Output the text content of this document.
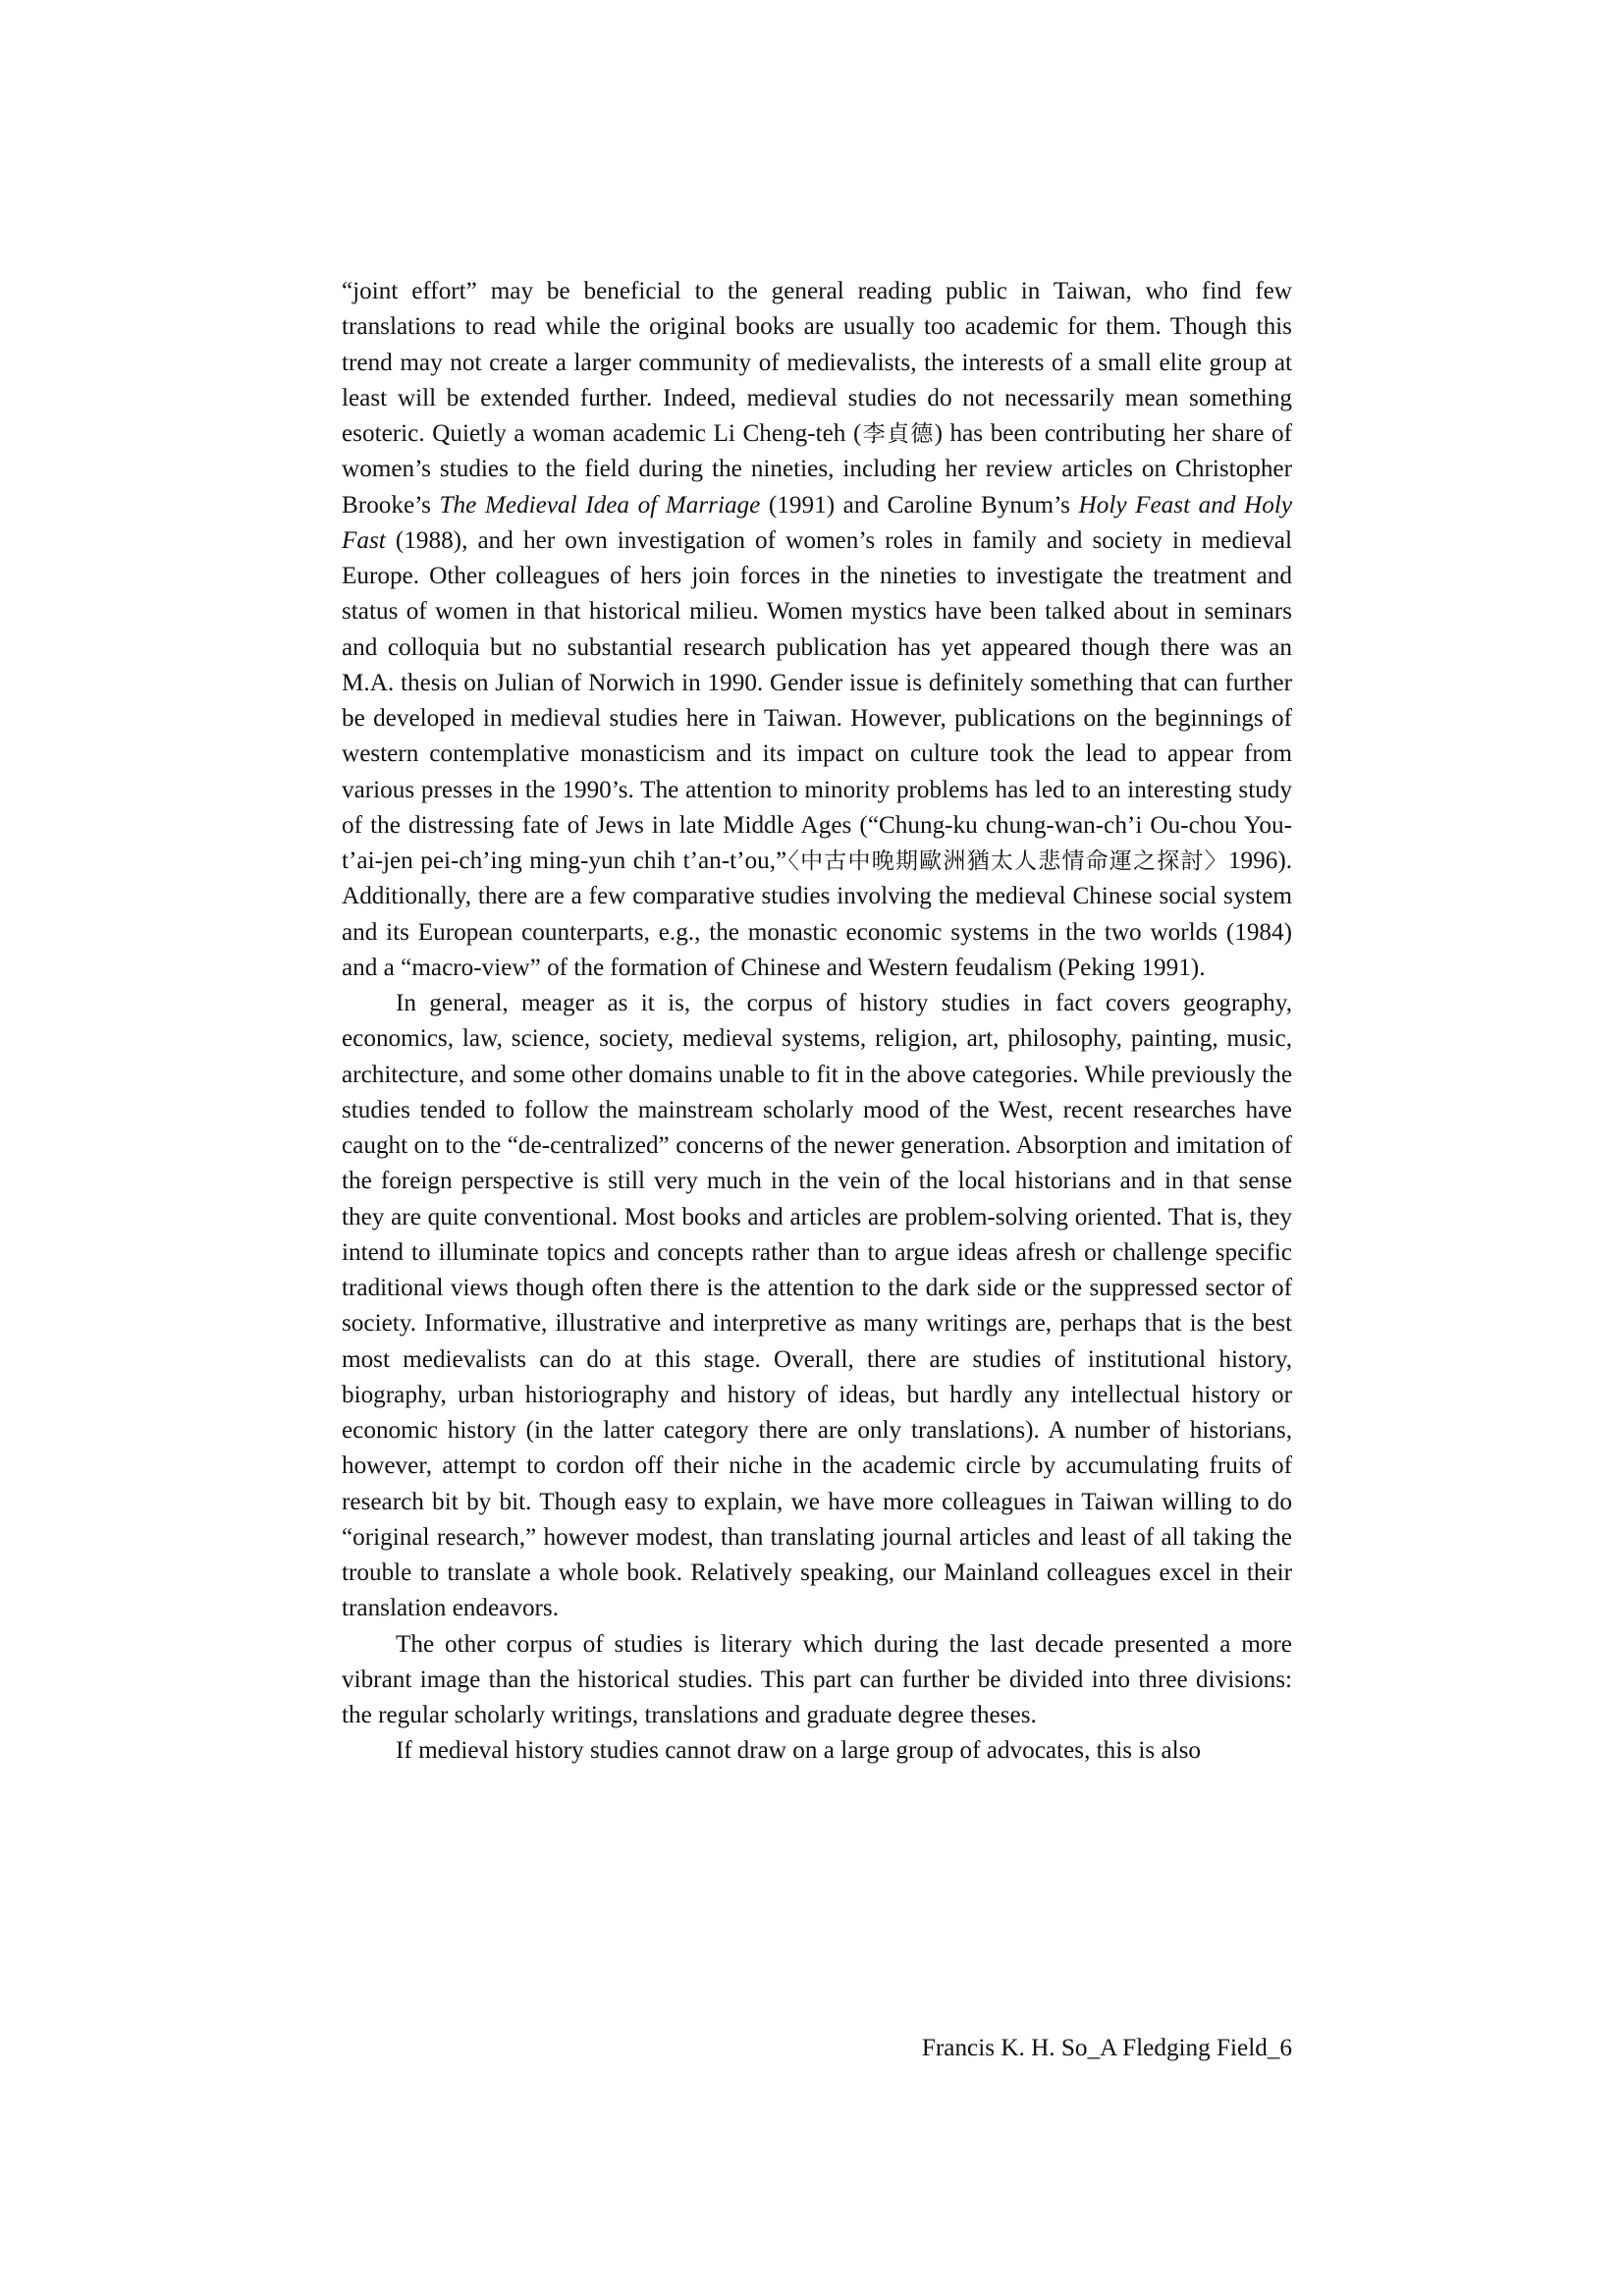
“joint effort” may be beneficial to the general reading public in Taiwan, who find few translations to read while the original books are usually too academic for them. Though this trend may not create a larger community of medievalists, the interests of a small elite group at least will be extended further. Indeed, medieval studies do not necessarily mean something esoteric. Quietly a woman academic Li Cheng-teh (李貞德) has been contributing her share of women’s studies to the field during the nineties, including her review articles on Christopher Brooke’s The Medieval Idea of Marriage (1991) and Caroline Bynum’s Holy Feast and Holy Fast (1988), and her own investigation of women’s roles in family and society in medieval Europe. Other colleagues of hers join forces in the nineties to investigate the treatment and status of women in that historical milieu. Women mystics have been talked about in seminars and colloquia but no substantial research publication has yet appeared though there was an M.A. thesis on Julian of Norwich in 1990. Gender issue is definitely something that can further be developed in medieval studies here in Taiwan. However, publications on the beginnings of western contemplative monasticism and its impact on culture took the lead to appear from various presses in the 1990’s. The attention to minority problems has led to an interesting study of the distressing fate of Jews in late Middle Ages (“Chung-ku chung-wan-ch’i Ou-chou You-t’ai-jen pei-ch’ing ming-yun chih t’an-t’ou,”〈中古中晚期歐洲猶太人悲情命運之探討〉1996). Additionally, there are a few comparative studies involving the medieval Chinese social system and its European counterparts, e.g., the monastic economic systems in the two worlds (1984) and a “macro-view” of the formation of Chinese and Western feudalism (Peking 1991).

In general, meager as it is, the corpus of history studies in fact covers geography, economics, law, science, society, medieval systems, religion, art, philosophy, painting, music, architecture, and some other domains unable to fit in the above categories. While previously the studies tended to follow the mainstream scholarly mood of the West, recent researches have caught on to the “de-centralized” concerns of the newer generation. Absorption and imitation of the foreign perspective is still very much in the vein of the local historians and in that sense they are quite conventional. Most books and articles are problem-solving oriented. That is, they intend to illuminate topics and concepts rather than to argue ideas afresh or challenge specific traditional views though often there is the attention to the dark side or the suppressed sector of society. Informative, illustrative and interpretive as many writings are, perhaps that is the best most medievalists can do at this stage. Overall, there are studies of institutional history, biography, urban historiography and history of ideas, but hardly any intellectual history or economic history (in the latter category there are only translations). A number of historians, however, attempt to cordon off their niche in the academic circle by accumulating fruits of research bit by bit. Though easy to explain, we have more colleagues in Taiwan willing to do “original research,” however modest, than translating journal articles and least of all taking the trouble to translate a whole book. Relatively speaking, our Mainland colleagues excel in their translation endeavors.

The other corpus of studies is literary which during the last decade presented a more vibrant image than the historical studies. This part can further be divided into three divisions: the regular scholarly writings, translations and graduate degree theses.

If medieval history studies cannot draw on a large group of advocates, this is also

Francis K. H. So_A Fledging Field_6
